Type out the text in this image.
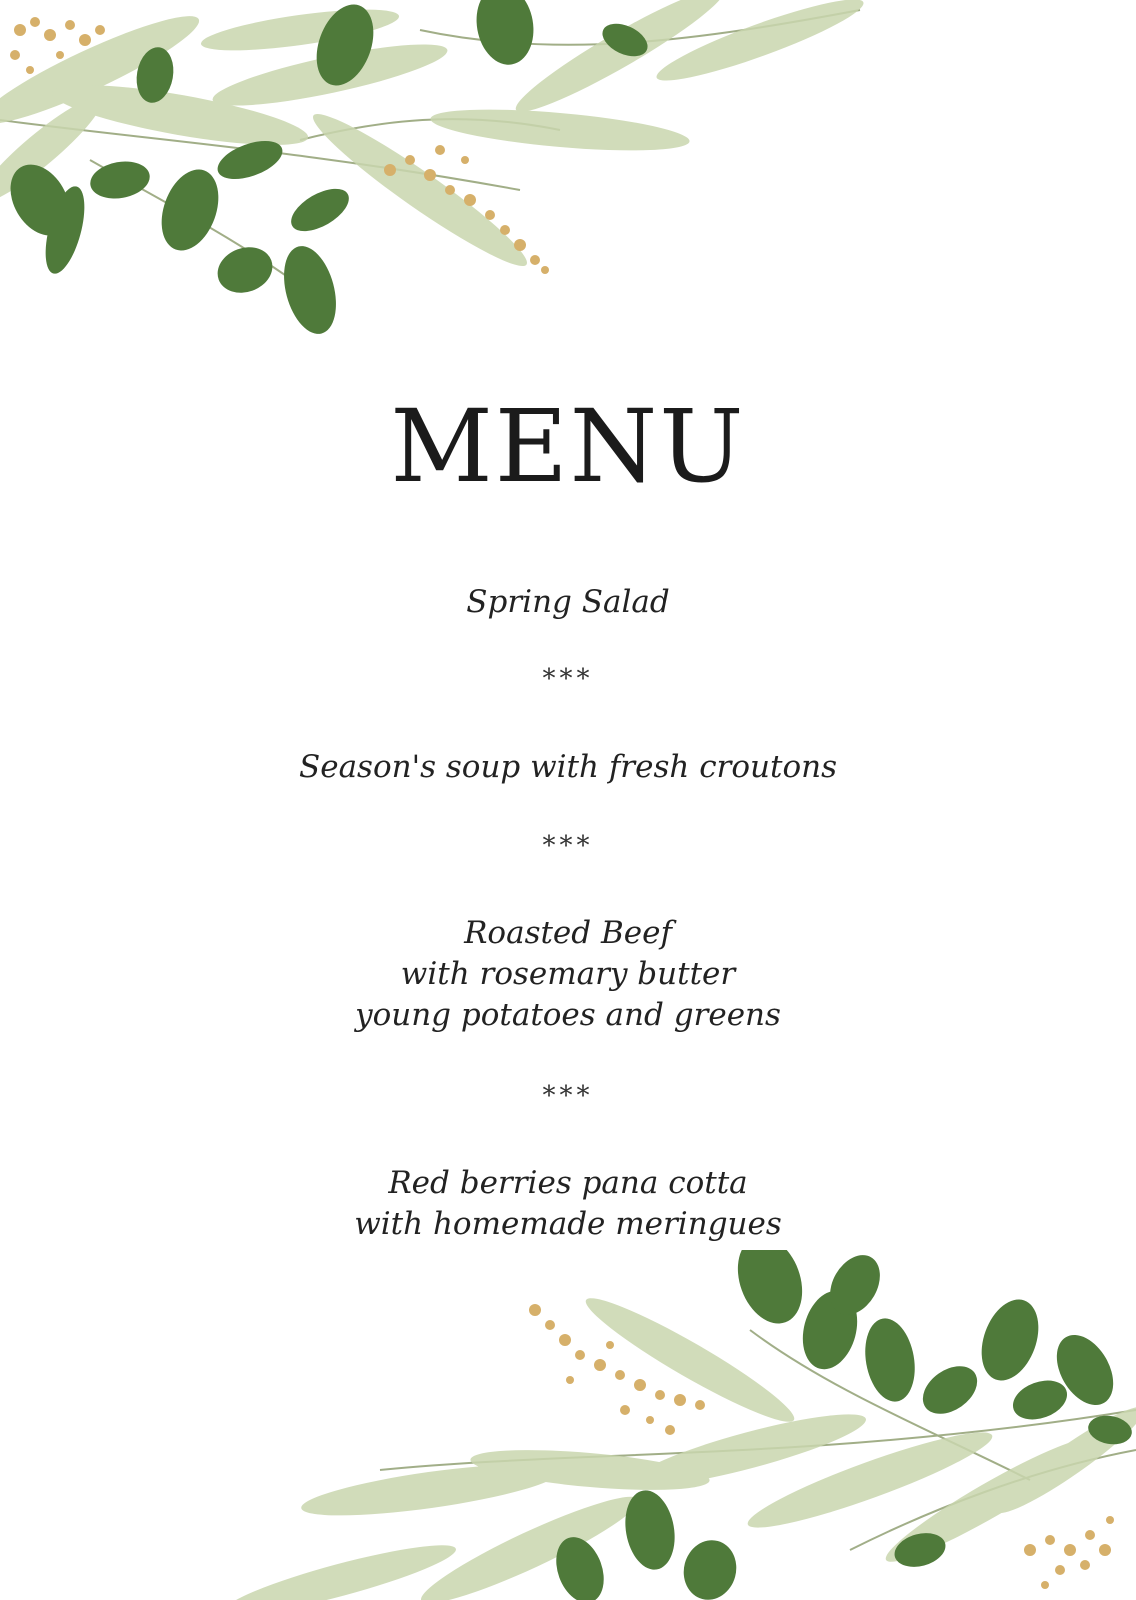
MENU
Spring Salad
***
Season's soup with fresh croutons
***
Roasted Beef
with rosemary butter
young potatoes and greens
***
Red berries pana cotta
with homemade meringues
